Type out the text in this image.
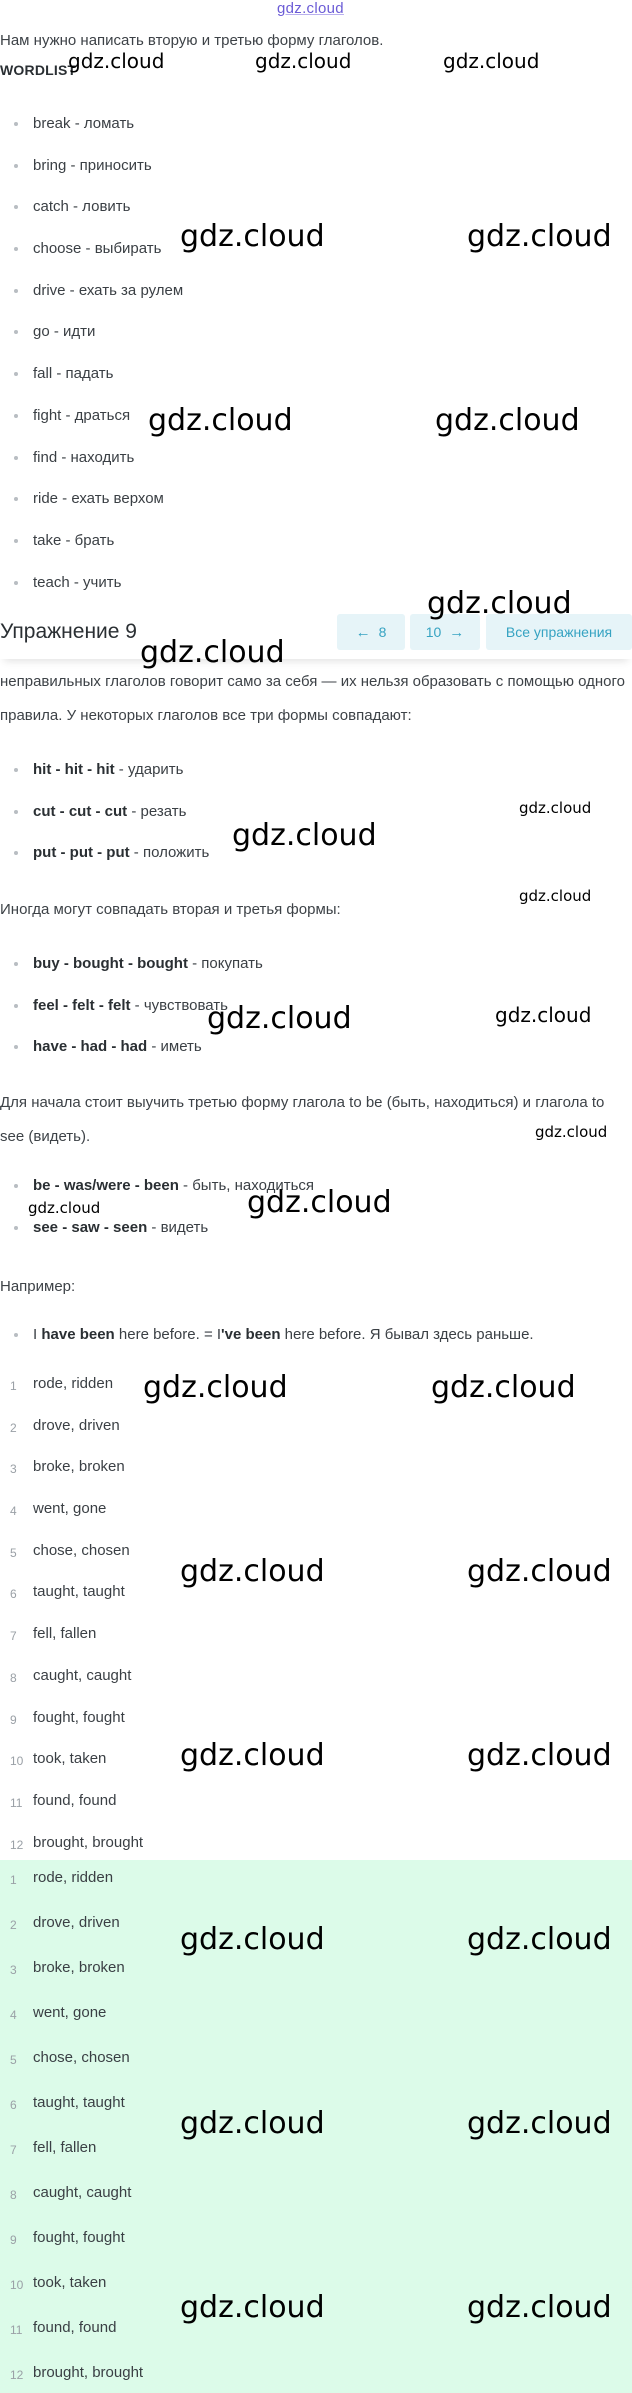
gdz.cloud
Нам нужно написать вторую и третью форму глаголов.
WORDLIST
break - ломать
bring - приносить
catch - ловить
choose - выбирать
drive - ехать за рулем
go - идти
fall - падать
fight - драться
find - находить
ride - ехать верхом
take - брать
teach - учить
Упражнение 9	← 8	10 →	Все упражнения
неправильных глаголов говорит само за себя — их нельзя образовать с помощью одного правила. У некоторых глаголов все три формы совпадают:
hit - hit - hit - ударить
cut - cut - cut - резать
put - put - put - положить
Иногда могут совпадать вторая и третья формы:
buy - bought - bought - покупать
feel - felt - felt - чувствовать
have - had - had - иметь
Для начала стоит выучить третью форму глагола to be (быть, находиться) и глагола to see (видеть).
be - was/were - been - быть, находиться
see - saw - seen - видеть
Например:
I have been here before. = I've been here before. Я бывал здесь раньше.
1 rode, ridden
2 drove, driven
3 broke, broken
4 went, gone
5 chose, chosen
6 taught, taught
7 fell, fallen
8 caught, caught
9 fought, fought
10 took, taken
11 found, found
12 brought, brought
1 rode, ridden
2 drove, driven
3 broke, broken
4 went, gone
5 chose, chosen
6 taught, taught
7 fell, fallen
8 caught, caught
9 fought, fought
10 took, taken
11 found, found
12 brought, brought
gdz.cloud	gdz.cloud	gdz.cloud
gdz.cloud	gdz.cloud
gdz.cloud	gdz.cloud
gdz.cloud
gdz.cloud
gdz.cloud
gdz.cloud
gdz.cloud
gdz.cloud
gdz.cloud
gdz.cloud
gdz.cloud
gdz.cloud
gdz.cloud	gdz.cloud
gdz.cloud	gdz.cloud
gdz.cloud	gdz.cloud
gdz.cloud	gdz.cloud
gdz.cloud	gdz.cloud
gdz.cloud	gdz.cloud
